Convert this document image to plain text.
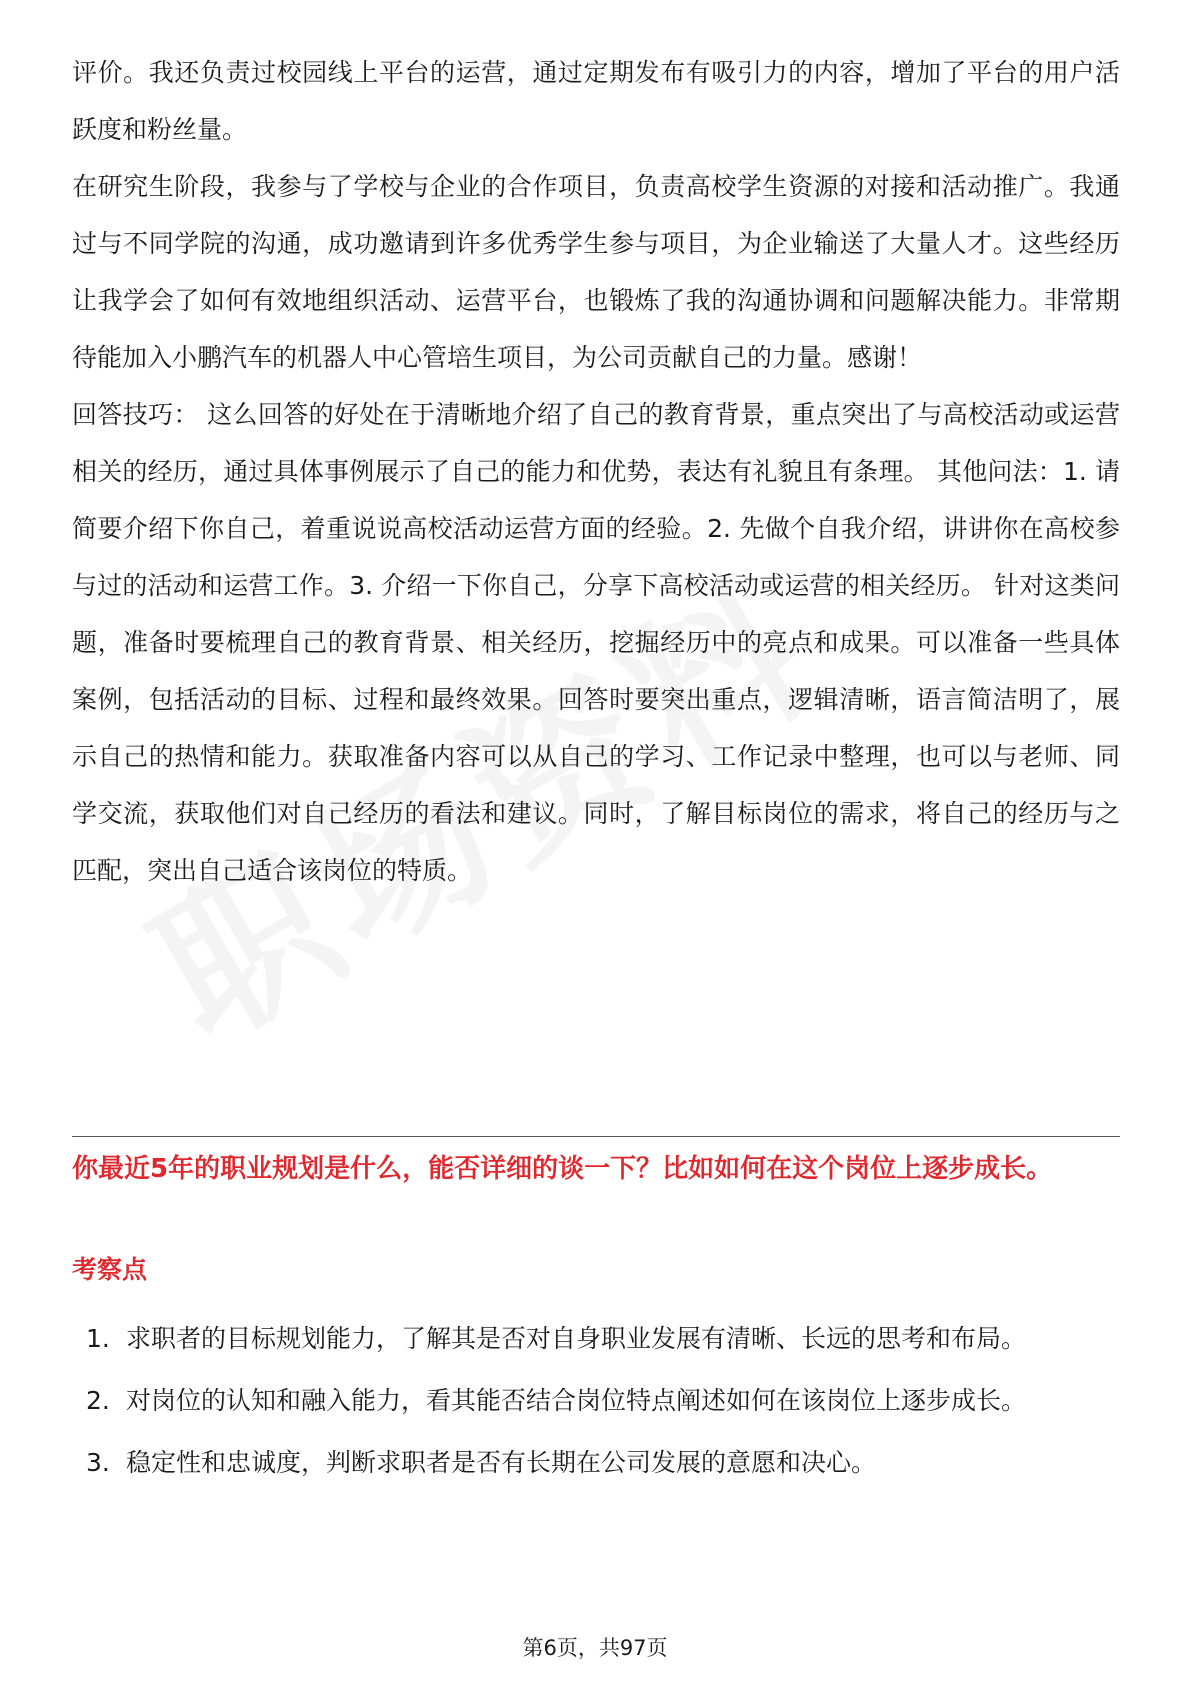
评价。我还负责过校园线上平台的运营，通过定期发布有吸引力的内容，增加了平台的用户活跃度和粉丝量。

在研究生阶段，我参与了学校与企业的合作项目，负责高校学生资源的对接和活动推广。我通过与不同学院的沟通，成功邀请到许多优秀学生参与项目，为企业输送了大量人才。这些经历让我学会了如何有效地组织活动、运营平台，也锻炼了我的沟通协调和问题解决能力。非常期待能加入小鹏汽车的机器人中心管培生项目，为公司贡献自己的力量。感谢！

回答技巧： 这么回答的好处在于清晰地介绍了自己的教育背景，重点突出了与高校活动或运营相关的经历，通过具体事例展示了自己的能力和优势，表达有礼貌且有条理。 其他问法：1. 请简要介绍下你自己，着重说说高校活动运营方面的经验。2. 先做个自我介绍，讲讲你在高校参与过的活动和运营工作。3. 介绍一下你自己，分享下高校活动或运营的相关经历。 针对这类问题，准备时要梳理自己的教育背景、相关经历，挖掘经历中的亮点和成果。可以准备一些具体案例，包括活动的目标、过程和最终效果。回答时要突出重点，逻辑清晰，语言简洁明了，展示自己的热情和能力。获取准备内容可以从自己的学习、工作记录中整理，也可以与老师、同学交流，获取他们对自己经历的看法和建议。同时，了解目标岗位的需求，将自己的经历与之匹配，突出自己适合该岗位的特质。

你最近5年的职业规划是什么，能否详细的谈一下？比如如何在这个岗位上逐步成长。

考察点

1. 求职者的目标规划能力，了解其是否对自身职业发展有清晰、长远的思考和布局。
2. 对岗位的认知和融入能力，看其能否结合岗位特点阐述如何在该岗位上逐步成长。
3. 稳定性和忠诚度，判断求职者是否有长期在公司发展的意愿和决心。
第6页，共97页
